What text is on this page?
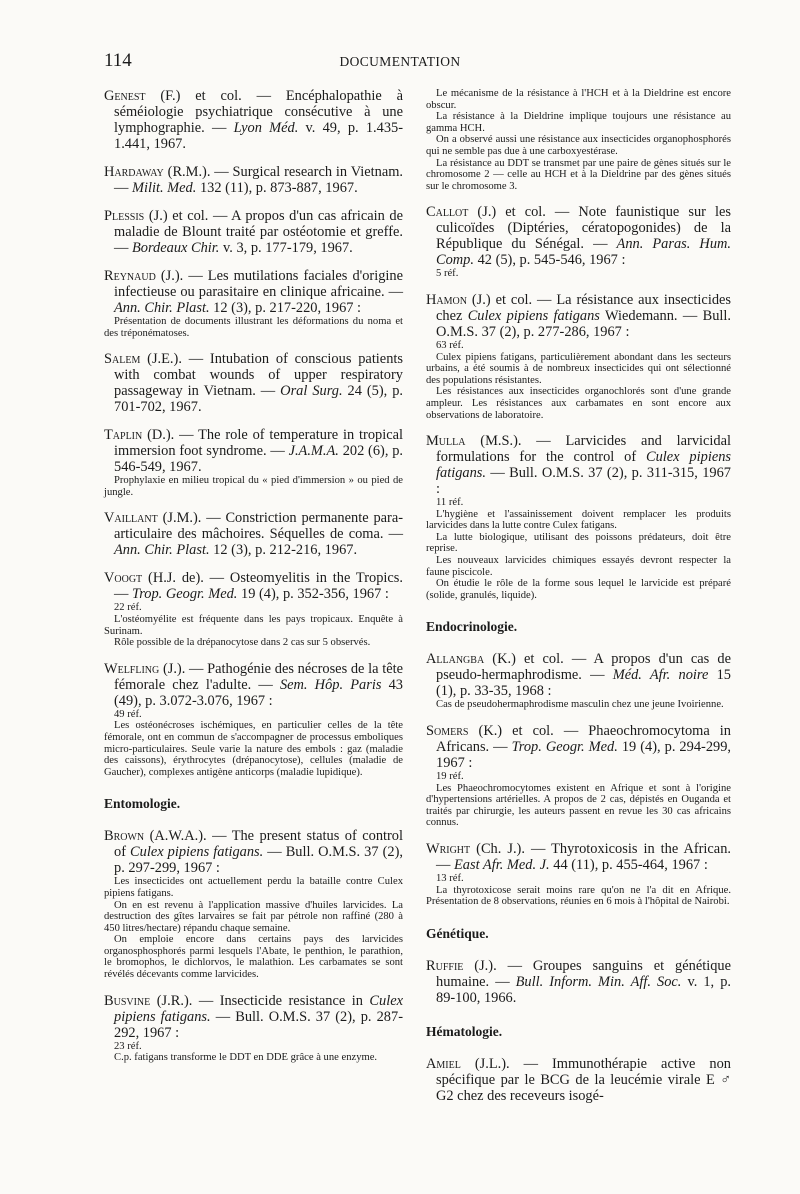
114	DOCUMENTATION

Genest (F.) et col. — Encéphalopathie à séméiologie psychiatrique consécutive à une lymphographie. — Lyon Méd. v. 49, p. 1.435-1.441, 1967.

Hardaway (R.M.). — Surgical research in Vietnam. — Milit. Med. 132 (11), p. 873-887, 1967.

Plessis (J.) et col. — A propos d'un cas africain de maladie de Blount traité par ostéotomie et greffe. — Bordeaux Chir. v. 3, p. 177-179, 1967.

Reynaud (J.). — Les mutilations faciales d'origine infectieuse ou parasitaire en clinique africaine. — Ann. Chir. Plast. 12 (3), p. 217-220, 1967 :

Présentation de documents illustrant les déformations du noma et des tréponématoses.

Salem (J.E.). — Intubation of conscious patients with combat wounds of upper respiratory passageway in Vietnam. — Oral Surg. 24 (5), p. 701-702, 1967.

Taplin (D.). — The role of temperature in tropical immersion foot syndrome. — J.A.M.A. 202 (6), p. 546-549, 1967.

Prophylaxie en milieu tropical du « pied d'immersion » ou pied de jungle.

Vaillant (J.M.). — Constriction permanente para-articulaire des mâchoires. Séquelles de coma. — Ann. Chir. Plast. 12 (3), p. 212-216, 1967.

Voogt (H.J. de). — Osteomyelitis in the Tropics. — Trop. Geogr. Med. 19 (4), p. 352-356, 1967 :

22 réf.

L'ostéomyélite est fréquente dans les pays tropicaux. Enquête à Surinam.

Rôle possible de la drépanocytose dans 2 cas sur 5 observés.

Welfling (J.). — Pathogénie des nécroses de la tête fémorale chez l'adulte. — Sem. Hôp. Paris 43 (49), p. 3.072-3.076, 1967 :

49 réf.

Les ostéonécroses ischémiques, en particulier celles de la tête fémorale, ont en commun de s'accompagner de processus emboliques micro-particulaires. Seule varie la nature des embols : gaz (maladie des caissons), érythrocytes (drépanocytose), cellules (maladie de Gaucher), complexes antigène anticorps (maladie lupidique).

Entomologie.

Brown (A.W.A.). — The present status of control of Culex pipiens fatigans. — Bull. O.M.S. 37 (2), p. 297-299, 1967 :

Les insecticides ont actuellement perdu la bataille contre Culex pipiens fatigans.

On en est revenu à l'application massive d'huiles larvicides. La destruction des gîtes larvaires se fait par pétrole non raffiné (280 à 450 litres/hectare) répandu chaque semaine.

On emploie encore dans certains pays des larvicides organosphosphorés parmi lesquels l'Abate, le penthion, le parathion, le bromophos, le dichlorvos, le malathion. Les carbamates se sont révélés décevants comme larvicides.

Busvine (J.R.). — Insecticide resistance in Culex pipiens fatigans. — Bull. O.M.S. 37 (2), p. 287-292, 1967 :

23 réf.

C.p. fatigans transforme le DDT en DDE grâce à une enzyme.

Le mécanisme de la résistance à l'HCH et à la Dieldrine est encore obscur.

La résistance à la Dieldrine implique toujours une résistance au gamma HCH.

On a observé aussi une résistance aux insecticides organophosphorés qui ne semble pas due à une carboxyestérase.

La résistance au DDT se transmet par une paire de gènes situés sur le chromosome 2 — celle au HCH et à la Dieldrine par des gènes situés sur le chromosome 3.

Callot (J.) et col. — Note faunistique sur les culicoïdes (Diptéries, cératopogonides) de la République du Sénégal. — Ann. Paras. Hum. Comp. 42 (5), p. 545-546, 1967 :

5 réf.

Hamon (J.) et col. — La résistance aux insecticides chez Culex pipiens fatigans Wiedemann. — Bull. O.M.S. 37 (2), p. 277-286, 1967 :

63 réf.

Culex pipiens fatigans, particulièrement abondant dans les secteurs urbains, a été soumis à de nombreux insecticides qui ont sélectionné des populations résistantes.

Les résistances aux insecticides organochlorés sont d'une grande ampleur. Les résistances aux carbamates en sont encore aux observations de laboratoire.

Mulla (M.S.). — Larvicides and larvicidal formulations for the control of Culex pipiens fatigans. — Bull. O.M.S. 37 (2), p. 311-315, 1967 :

11 réf.

L'hygiène et l'assainissement doivent remplacer les produits larvicides dans la lutte contre Culex fatigans.

La lutte biologique, utilisant des poissons prédateurs, doit être reprise.

Les nouveaux larvicides chimiques essayés devront respecter la faune piscicole.

On étudie le rôle de la forme sous lequel le larvicide est préparé (solide, granulés, liquide).

Endocrinologie.

Allangba (K.) et col. — A propos d'un cas de pseudo-hermaphrodisme. — Méd. Afr. noire 15 (1), p. 33-35, 1968 :

Cas de pseudohermaphrodisme masculin chez une jeune Ivoirienne.

Somers (K.) et col. — Phaeochromocytoma in Africans. — Trop. Geogr. Med. 19 (4), p. 294-299, 1967 :

19 réf.

Les Phaeochromocytomes existent en Afrique et sont à l'origine d'hypertensions artérielles. A propos de 2 cas, dépistés en Ouganda et traités par chirurgie, les auteurs passent en revue les 30 cas africains connus.

Wright (Ch. J.). — Thyrotoxicosis in the African. — East Afr. Med. J. 44 (11), p. 455-464, 1967 :

13 réf.

La thyrotoxicose serait moins rare qu'on ne l'a dit en Afrique. Présentation de 8 observations, réunies en 6 mois à l'hôpital de Nairobi.

Génétique.

Ruffie (J.). — Groupes sanguins et génétique humaine. — Bull. Inform. Min. Aff. Soc. v. 1, p. 89-100, 1966.

Hématologie.

Amiel (J.L.). — Immunothérapie active non spécifique par le BCG de la leucémie virale E ♂ G2 chez des receveurs isogé-
